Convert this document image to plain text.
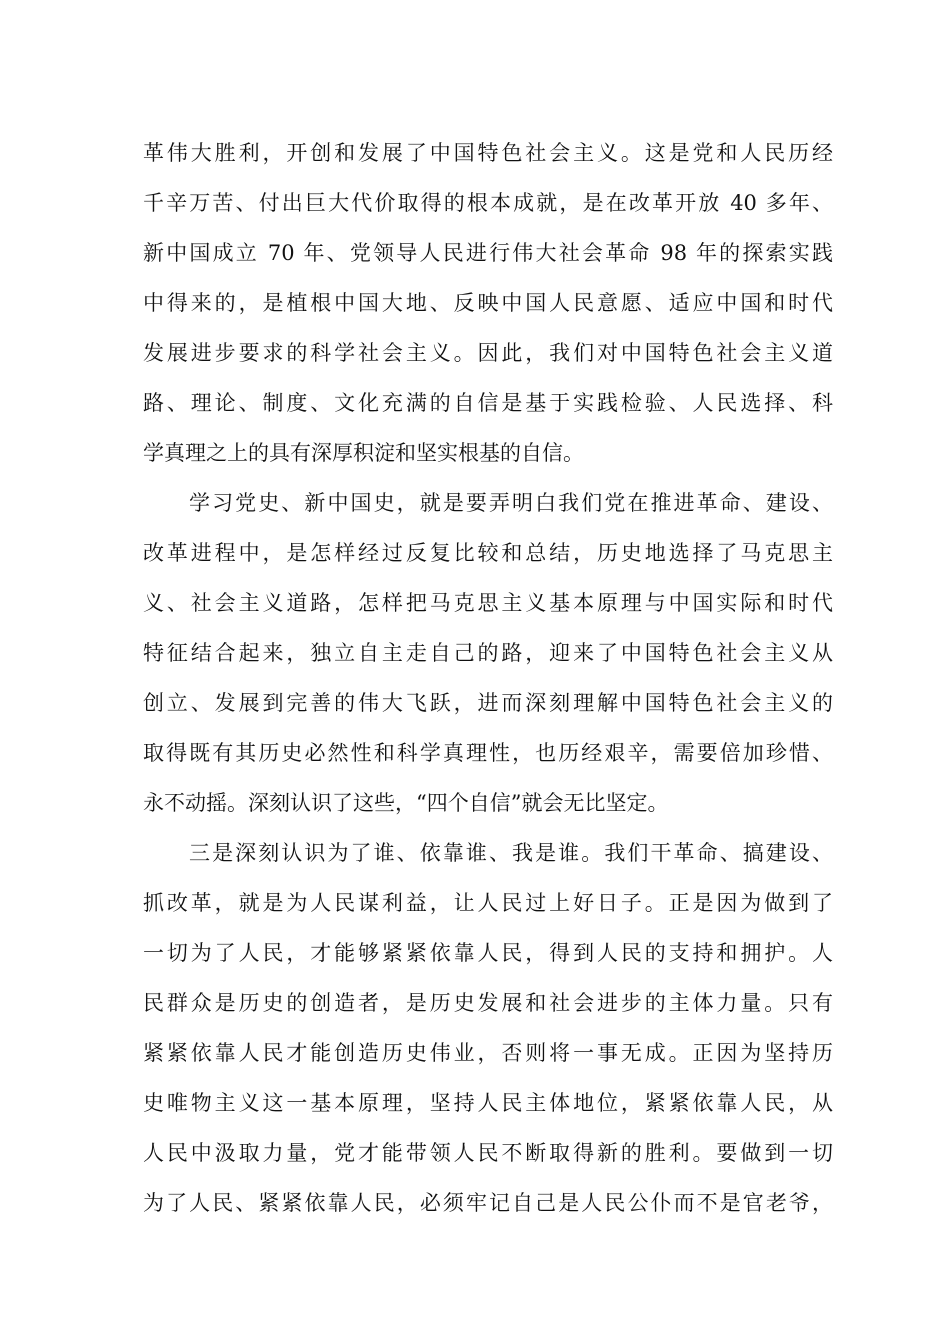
革伟大胜利，开创和发展了中国特色社会主义。这是党和人民历经
千辛万苦、付出巨大代价取得的根本成就，是在改革开放 40 多年、
新中国成立 70 年、党领导人民进行伟大社会革命 98 年的探索实践
中得来的，是植根中国大地、反映中国人民意愿、适应中国和时代
发展进步要求的科学社会主义。因此，我们对中国特色社会主义道
路、理论、制度、文化充满的自信是基于实践检验、人民选择、科
学真理之上的具有深厚积淀和坚实根基的自信。
学习党史、新中国史，就是要弄明白我们党在推进革命、建设、
改革进程中，是怎样经过反复比较和总结，历史地选择了马克思主
义、社会主义道路，怎样把马克思主义基本原理与中国实际和时代
特征结合起来，独立自主走自己的路，迎来了中国特色社会主义从
创立、发展到完善的伟大飞跃，进而深刻理解中国特色社会主义的
取得既有其历史必然性和科学真理性，也历经艰辛，需要倍加珍惜、
永不动摇。深刻认识了这些，“四个自信”就会无比坚定。
三是深刻认识为了谁、依靠谁、我是谁。我们干革命、搞建设、
抓改革，就是为人民谋利益，让人民过上好日子。正是因为做到了
一切为了人民，才能够紧紧依靠人民，得到人民的支持和拥护。人
民群众是历史的创造者，是历史发展和社会进步的主体力量。只有
紧紧依靠人民才能创造历史伟业，否则将一事无成。正因为坚持历
史唯物主义这一基本原理，坚持人民主体地位，紧紧依靠人民，从
人民中汲取力量，党才能带领人民不断取得新的胜利。要做到一切
为了人民、紧紧依靠人民，必须牢记自己是人民公仆而不是官老爷，
